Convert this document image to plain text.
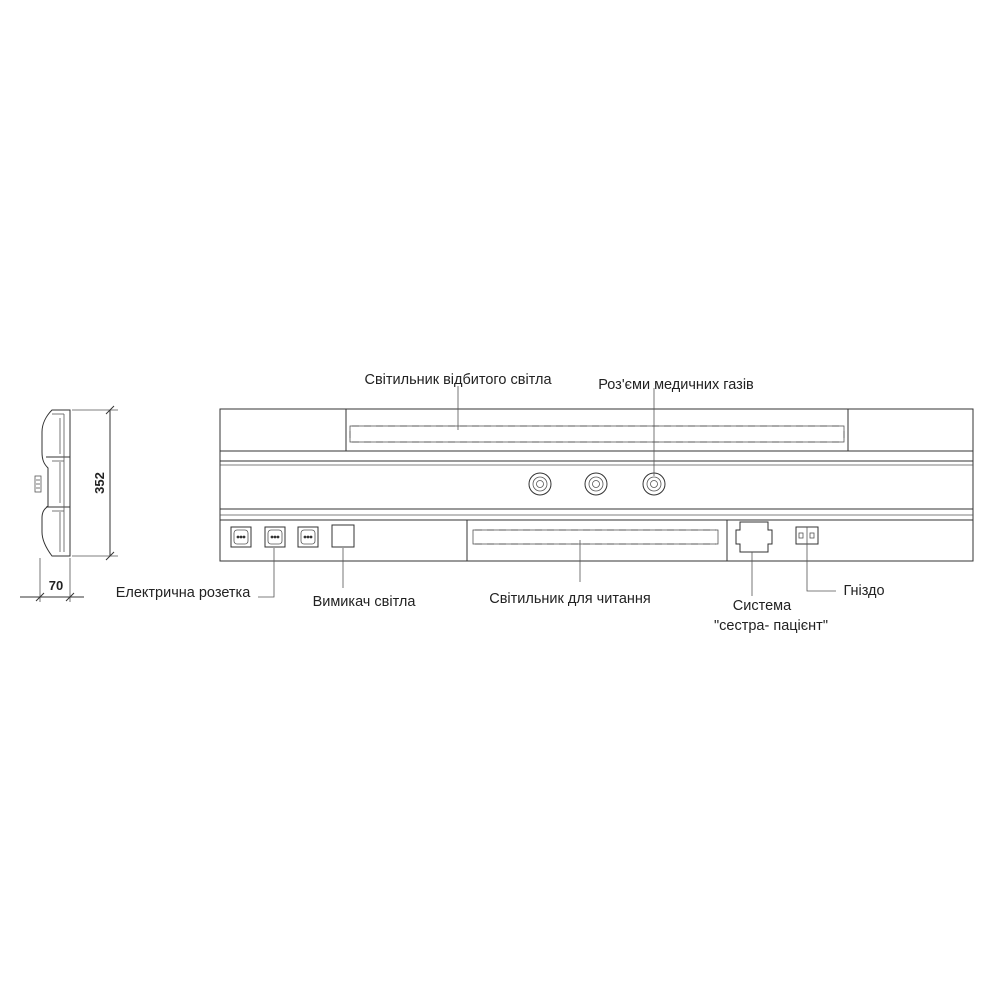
352
70
Світильник відбитого світла	Роз'єми медичних газів
Електрична розетка
Вимикач світла	Світильник для читання	Система
"сестра- пацієнт"
Гніздо
